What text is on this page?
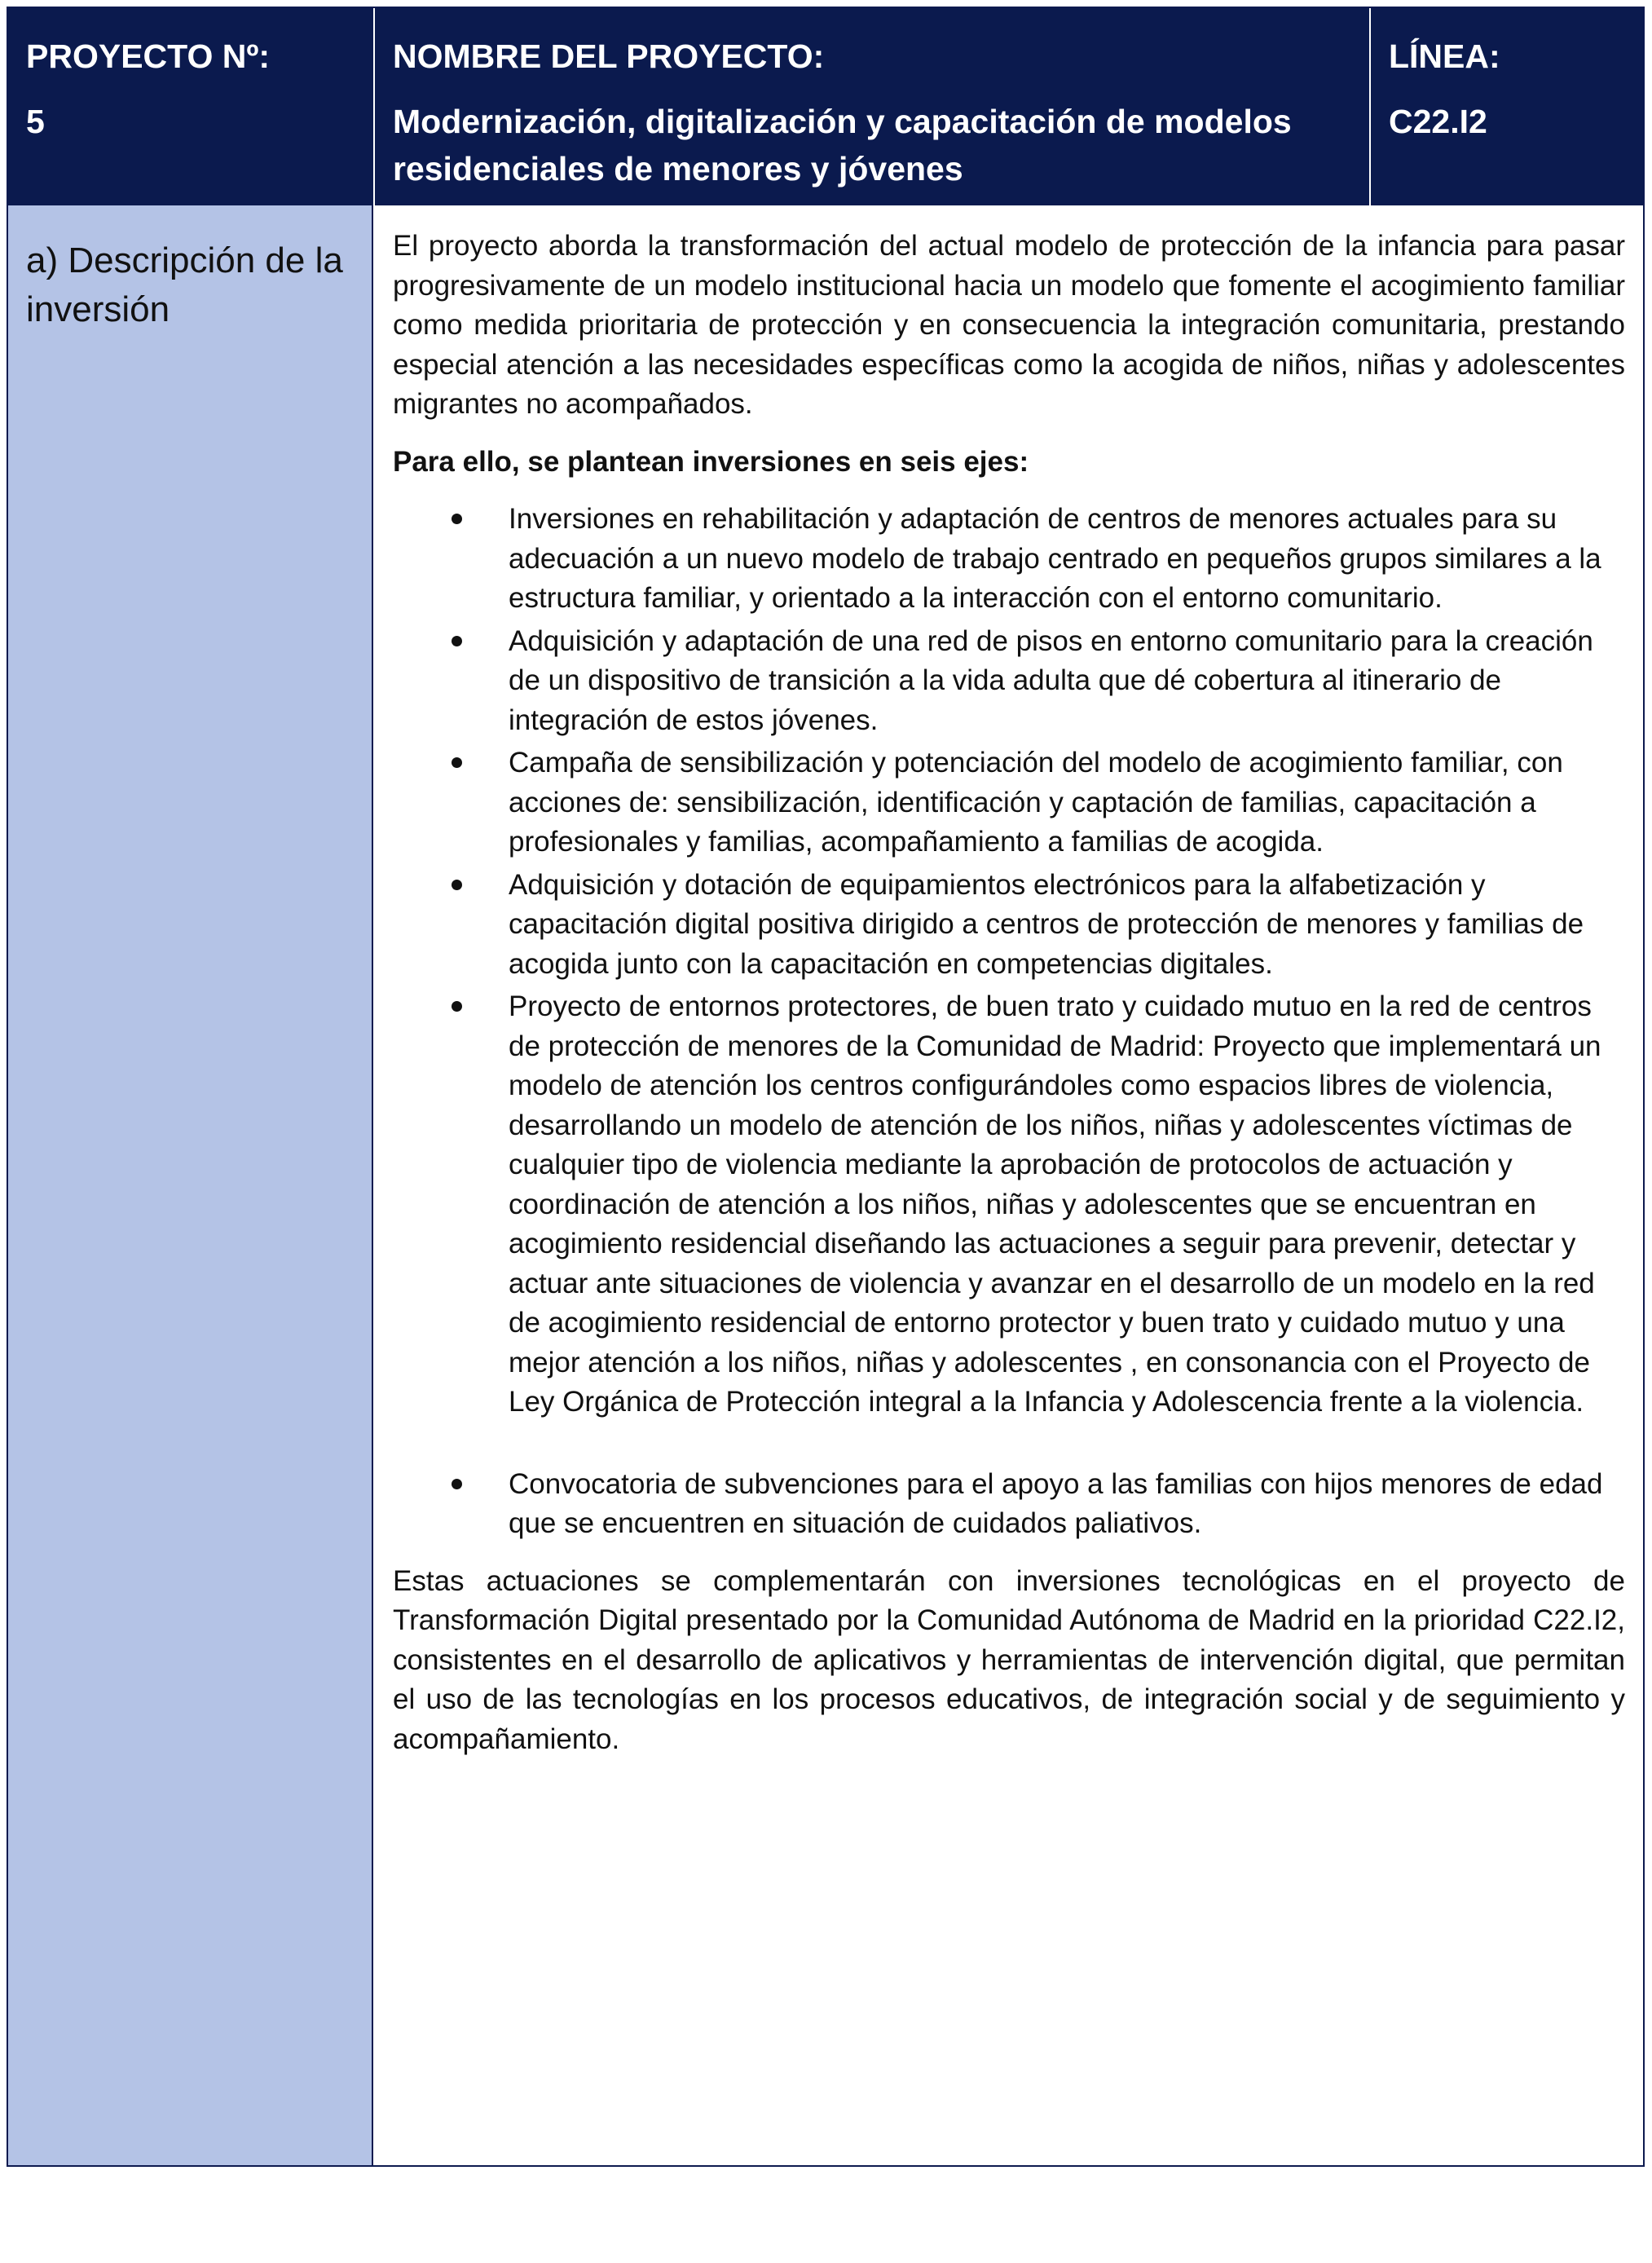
PROYECTO Nº:
5
NOMBRE DEL PROYECTO:
Modernización, digitalización y capacitación de modelos residenciales de menores y jóvenes
LÍNEA:
C22.I2
a) Descripción de la inversión

El proyecto aborda la transformación del actual modelo de protección de la infancia para pasar progresivamente de un modelo institucional hacia un modelo que fomente el acogimiento familiar como medida prioritaria de protección y en consecuencia la integración comunitaria, prestando especial atención a las necesidades específicas como la acogida de niños, niñas y adolescentes migrantes no acompañados.

Para ello, se plantean inversiones en seis ejes:

Inversiones en rehabilitación y adaptación de centros de menores actuales para su adecuación a un nuevo modelo de trabajo centrado en pequeños grupos similares a la estructura familiar, y orientado a la interacción con el entorno comunitario.
Adquisición y adaptación de una red de pisos en entorno comunitario para la creación de un dispositivo de transición a la vida adulta que dé cobertura al itinerario de integración de estos jóvenes.
Campaña de sensibilización y potenciación del modelo de acogimiento familiar, con acciones de: sensibilización, identificación y captación de familias, capacitación a profesionales y familias, acompañamiento a familias de acogida.
Adquisición y dotación de equipamientos electrónicos para la alfabetización y capacitación digital positiva dirigido a centros de protección de menores y familias de acogida junto con la capacitación en competencias digitales.
Proyecto de entornos protectores, de buen trato y cuidado mutuo en la red de centros de protección de menores de la Comunidad de Madrid: Proyecto que implementará un modelo de atención los centros configurándoles como espacios libres de violencia, desarrollando un modelo de atención de los niños, niñas y adolescentes víctimas de cualquier tipo de violencia mediante la aprobación de protocolos de actuación y coordinación de atención a los niños, niñas y adolescentes que se encuentran en acogimiento residencial diseñando las actuaciones a seguir para prevenir, detectar y actuar ante situaciones de violencia y avanzar en el desarrollo de un modelo en la red de acogimiento residencial de entorno protector y buen trato y cuidado mutuo y una mejor atención a los niños, niñas y adolescentes , en consonancia con el Proyecto de Ley Orgánica de Protección integral a la Infancia y Adolescencia frente a la violencia.
Convocatoria de subvenciones para el apoyo a las familias con hijos menores de edad que se encuentren en situación de cuidados paliativos.

Estas actuaciones se complementarán con inversiones tecnológicas en el proyecto de Transformación Digital presentado por la Comunidad Autónoma de Madrid en la prioridad C22.I2, consistentes en el desarrollo de aplicativos y herramientas de intervención digital, que permitan el uso de las tecnologías en los procesos educativos, de integración social y de seguimiento y acompañamiento.
